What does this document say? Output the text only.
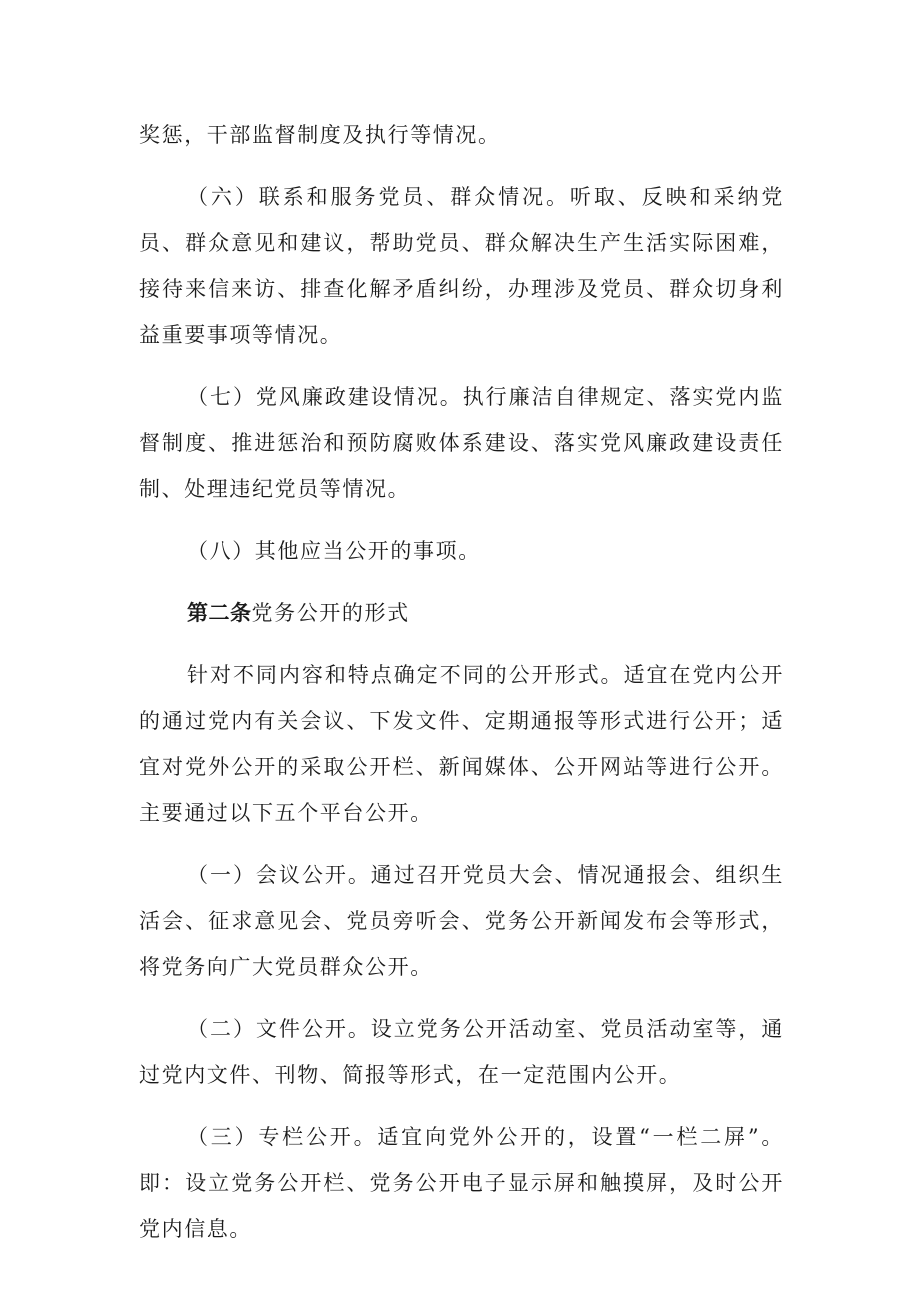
奖惩，干部监督制度及执行等情况。

（六）联系和服务党员、群众情况。听取、反映和采纳党员、群众意见和建议，帮助党员、群众解决生产生活实际困难，接待来信来访、排查化解矛盾纠纷，办理涉及党员、群众切身利益重要事项等情况。

（七）党风廉政建设情况。执行廉洁自律规定、落实党内监督制度、推进惩治和预防腐败体系建设、落实党风廉政建设责任制、处理违纪党员等情况。

（八）其他应当公开的事项。

第二条党务公开的形式

针对不同内容和特点确定不同的公开形式。适宜在党内公开的通过党内有关会议、下发文件、定期通报等形式进行公开；适宜对党外公开的采取公开栏、新闻媒体、公开网站等进行公开。主要通过以下五个平台公开。

（一）会议公开。通过召开党员大会、情况通报会、组织生活会、征求意见会、党员旁听会、党务公开新闻发布会等形式，将党务向广大党员群众公开。

（二）文件公开。设立党务公开活动室、党员活动室等，通过党内文件、刊物、简报等形式，在一定范围内公开。

（三）专栏公开。适宜向党外公开的，设置“一栏二屏”。即：设立党务公开栏、党务公开电子显示屏和触摸屏，及时公开党内信息。
